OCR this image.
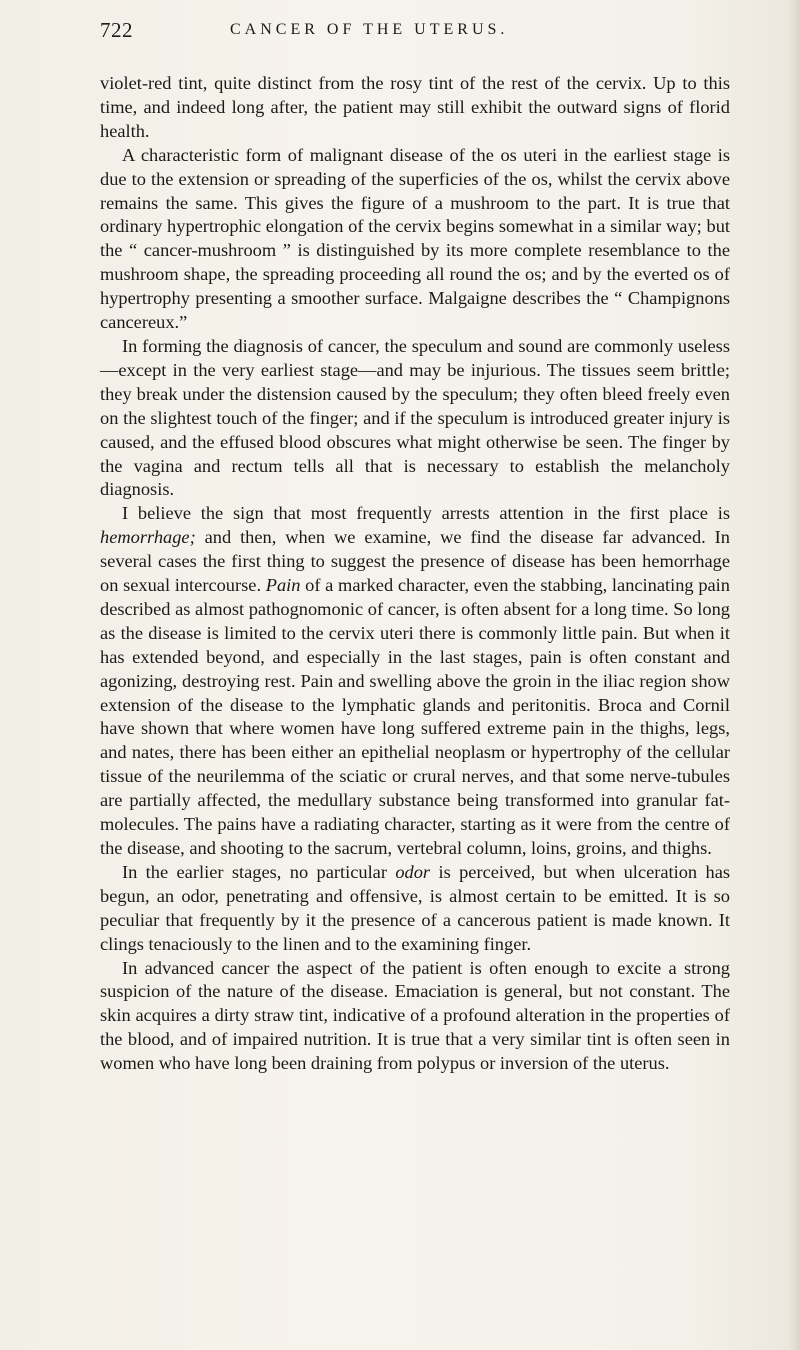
722	CANCER OF THE UTERUS.

violet-red tint, quite distinct from the rosy tint of the rest of the cervix. Up to this time, and indeed long after, the patient may still exhibit the outward signs of florid health.

A characteristic form of malignant disease of the os uteri in the earliest stage is due to the extension or spreading of the superficies of the os, whilst the cervix above remains the same. This gives the figure of a mushroom to the part. It is true that ordinary hypertrophic elongation of the cervix begins somewhat in a similar way; but the “ cancer-mushroom ” is distinguished by its more complete resemblance to the mushroom shape, the spreading proceeding all round the os; and by the everted os of hypertrophy presenting a smoother surface. Malgaigne describes the “ Champignons cancereux.”

In forming the diagnosis of cancer, the speculum and sound are commonly useless—except in the very earliest stage—and may be injurious. The tissues seem brittle; they break under the distension caused by the speculum; they often bleed freely even on the slightest touch of the finger; and if the speculum is introduced greater injury is caused, and the effused blood obscures what might otherwise be seen. The finger by the vagina and rectum tells all that is necessary to establish the melancholy diagnosis.

I believe the sign that most frequently arrests attention in the first place is hemorrhage; and then, when we examine, we find the disease far advanced. In several cases the first thing to suggest the presence of disease has been hemorrhage on sexual intercourse. Pain of a marked character, even the stabbing, lancinating pain described as almost pathognomonic of cancer, is often absent for a long time. So long as the disease is limited to the cervix uteri there is commonly little pain. But when it has extended beyond, and especially in the last stages, pain is often constant and agonizing, destroying rest. Pain and swelling above the groin in the iliac region show extension of the disease to the lymphatic glands and peritonitis. Broca and Cornil have shown that where women have long suffered extreme pain in the thighs, legs, and nates, there has been either an epithelial neoplasm or hypertrophy of the cellular tissue of the neurilemma of the sciatic or crural nerves, and that some nerve-tubules are partially affected, the medullary substance being transformed into granular fat-molecules. The pains have a radiating character, starting as it were from the centre of the disease, and shooting to the sacrum, vertebral column, loins, groins, and thighs.

In the earlier stages, no particular odor is perceived, but when ulceration has begun, an odor, penetrating and offensive, is almost certain to be emitted. It is so peculiar that frequently by it the presence of a cancerous patient is made known. It clings tenaciously to the linen and to the examining finger.

In advanced cancer the aspect of the patient is often enough to excite a strong suspicion of the nature of the disease. Emaciation is general, but not constant. The skin acquires a dirty straw tint, indicative of a profound alteration in the properties of the blood, and of impaired nutrition. It is true that a very similar tint is often seen in women who have long been draining from polypus or inversion of the uterus.
